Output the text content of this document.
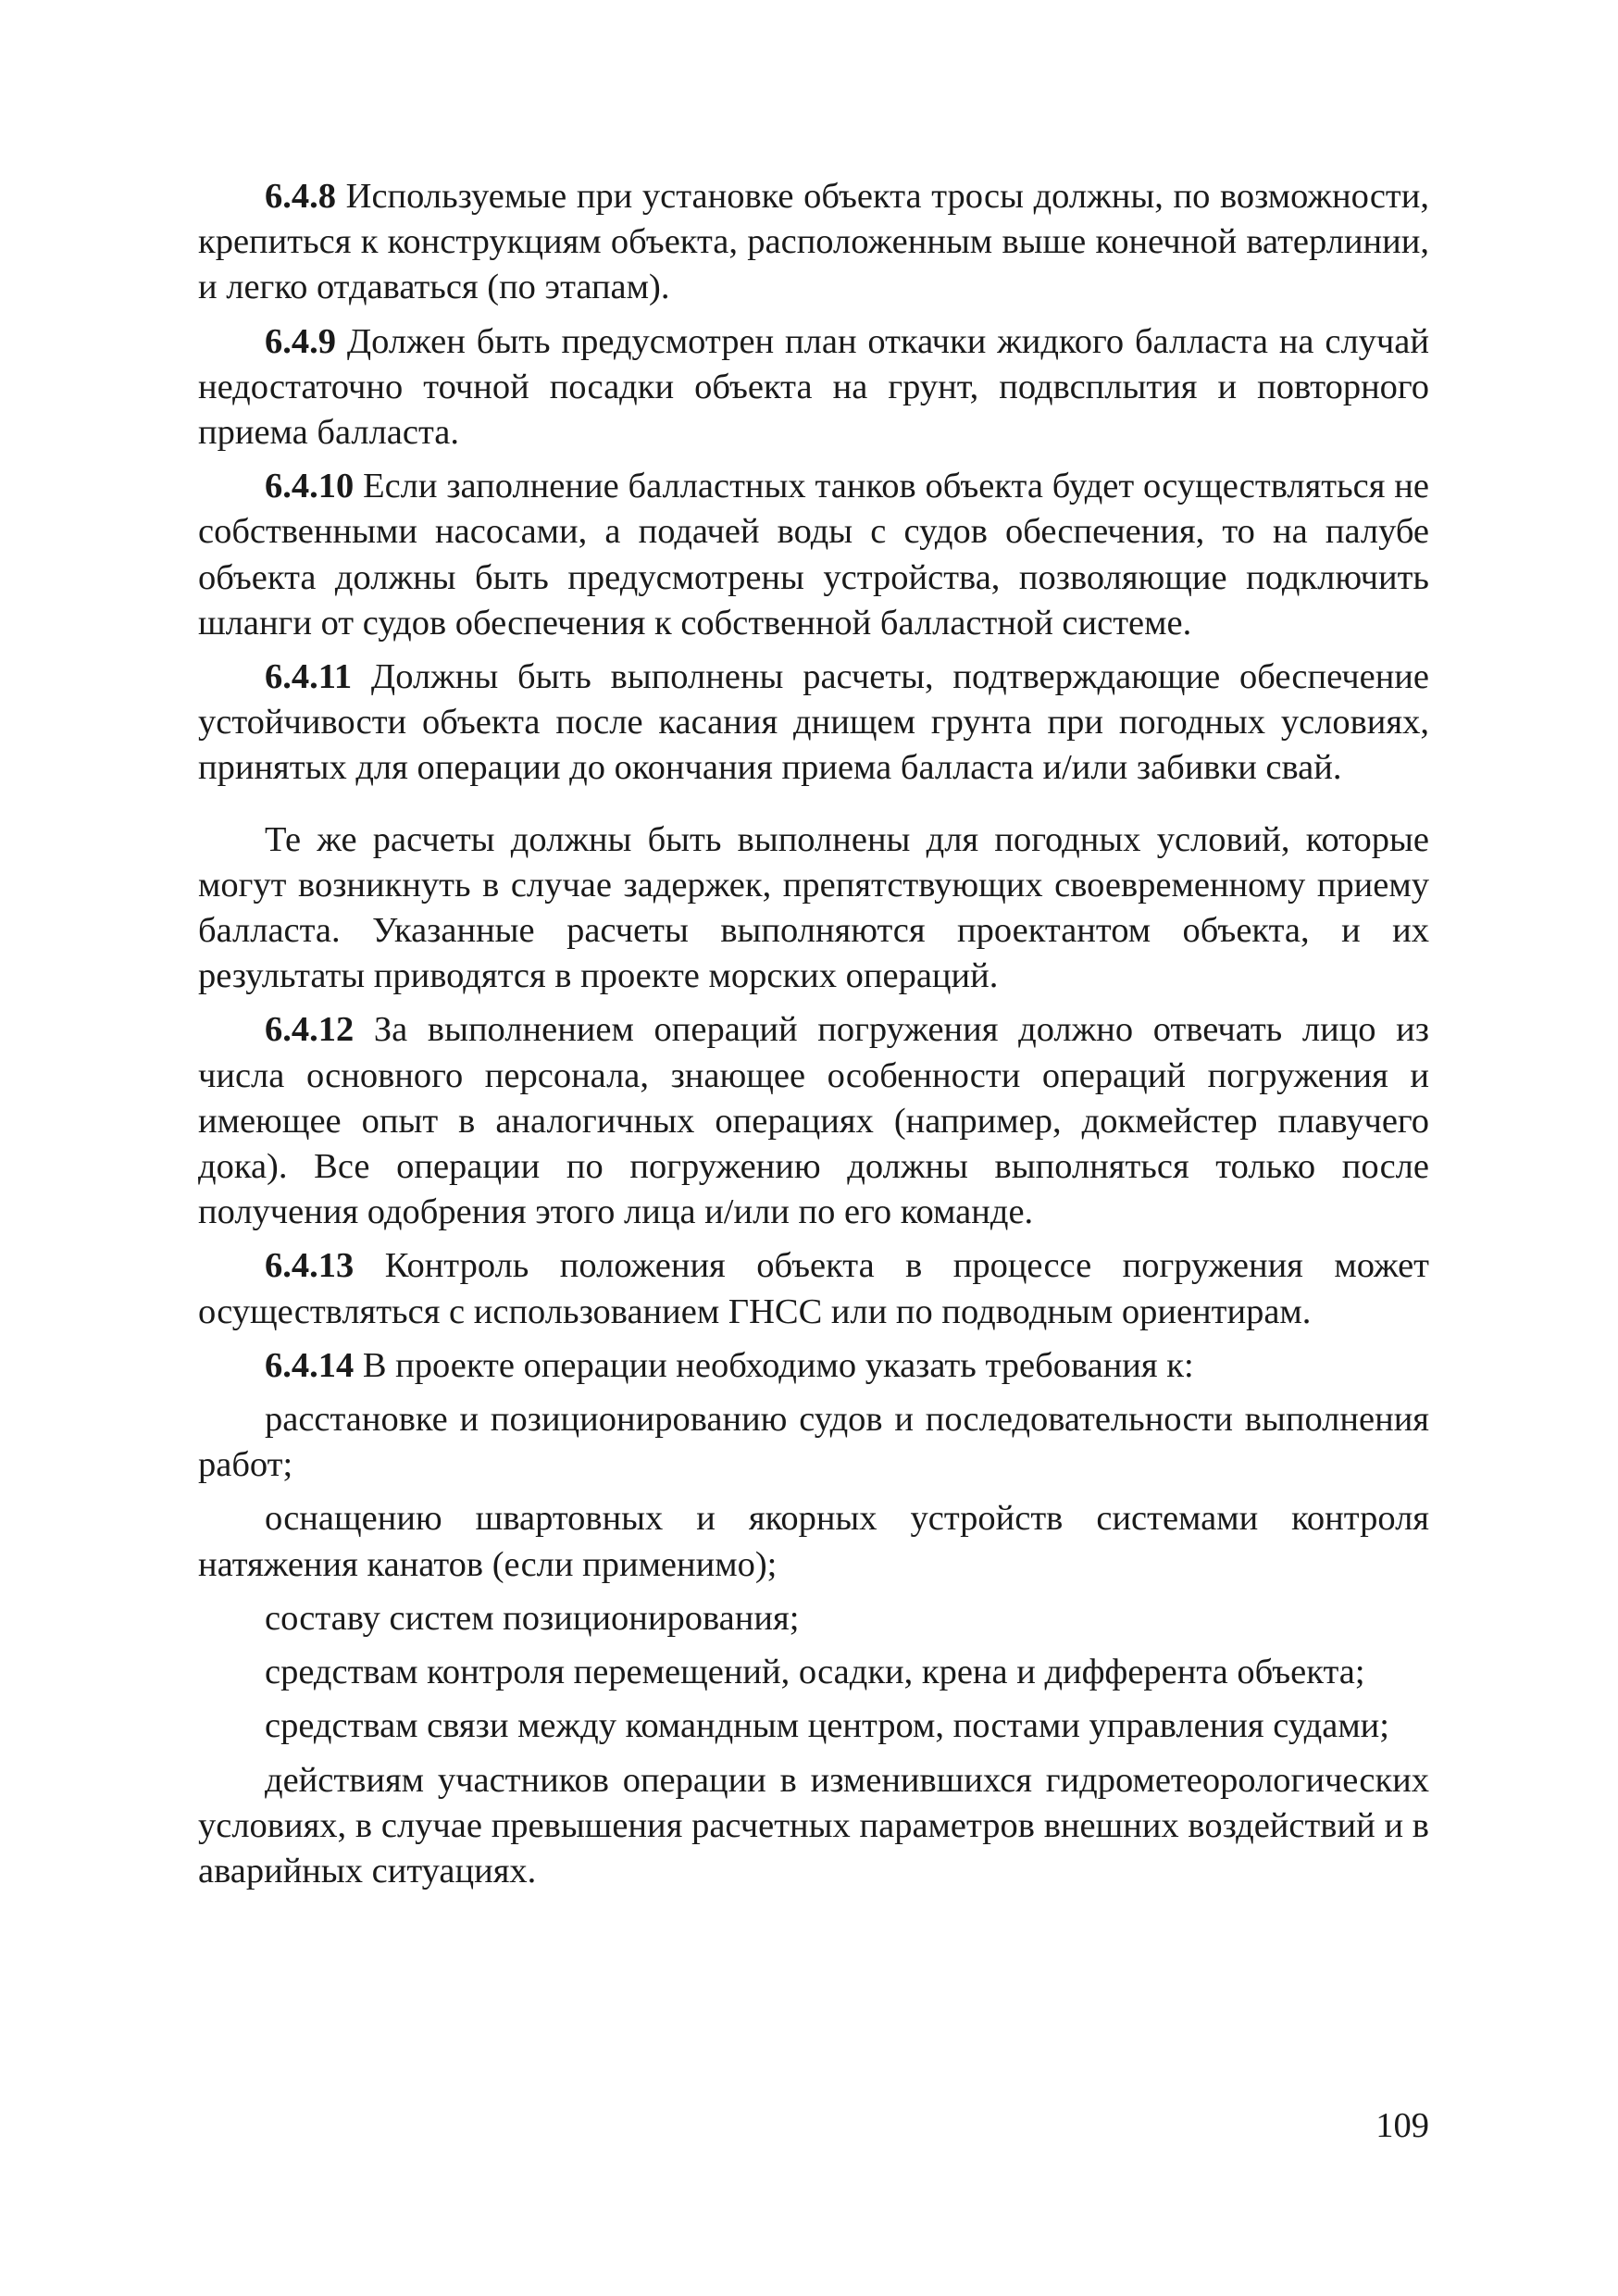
6.4.8 Используемые при установке объекта тросы должны, по возможности, крепиться к конструкциям объекта, расположенным выше конечной ватерлинии, и легко отдаваться (по этапам).

6.4.9 Должен быть предусмотрен план откачки жидкого балласта на случай недостаточно точной посадки объекта на грунт, подвсплытия и повторного приема балласта.

6.4.10 Если заполнение балластных танков объекта будет осуществляться не собственными насосами, а подачей воды с судов обеспечения, то на палубе объекта должны быть предусмотрены устройства, позволяющие подключить шланги от судов обеспечения к собственной балластной системе.

6.4.11 Должны быть выполнены расчеты, подтверждающие обеспечение устойчивости объекта после касания днищем грунта при погодных условиях, принятых для операции до окончания приема балласта и/или забивки свай.

Те же расчеты должны быть выполнены для погодных условий, которые могут возникнуть в случае задержек, препятствующих своевременному приему балласта. Указанные расчеты выполняются проектантом объекта, и их результаты приводятся в проекте морских операций.

6.4.12 За выполнением операций погружения должно отвечать лицо из числа основного персонала, знающее особенности операций погружения и имеющее опыт в аналогичных операциях (например, докмейстер плавучего дока). Все операции по погружению должны выполняться только после получения одобрения этого лица и/или по его команде.

6.4.13 Контроль положения объекта в процессе погружения может осуществляться с использованием ГНСС или по подводным ориентирам.

6.4.14 В проекте операции необходимо указать требования к:

расстановке и позиционированию судов и последовательности выполнения работ;

оснащению швартовных и якорных устройств системами контроля натяжения канатов (если применимо);

составу систем позиционирования;

средствам контроля перемещений, осадки, крена и дифферента объекта;

средствам связи между командным центром, постами управления судами;

действиям участников операции в изменившихся гидрометеорологических условиях, в случае превышения расчетных параметров внешних воздействий и в аварийных ситуациях.

109
